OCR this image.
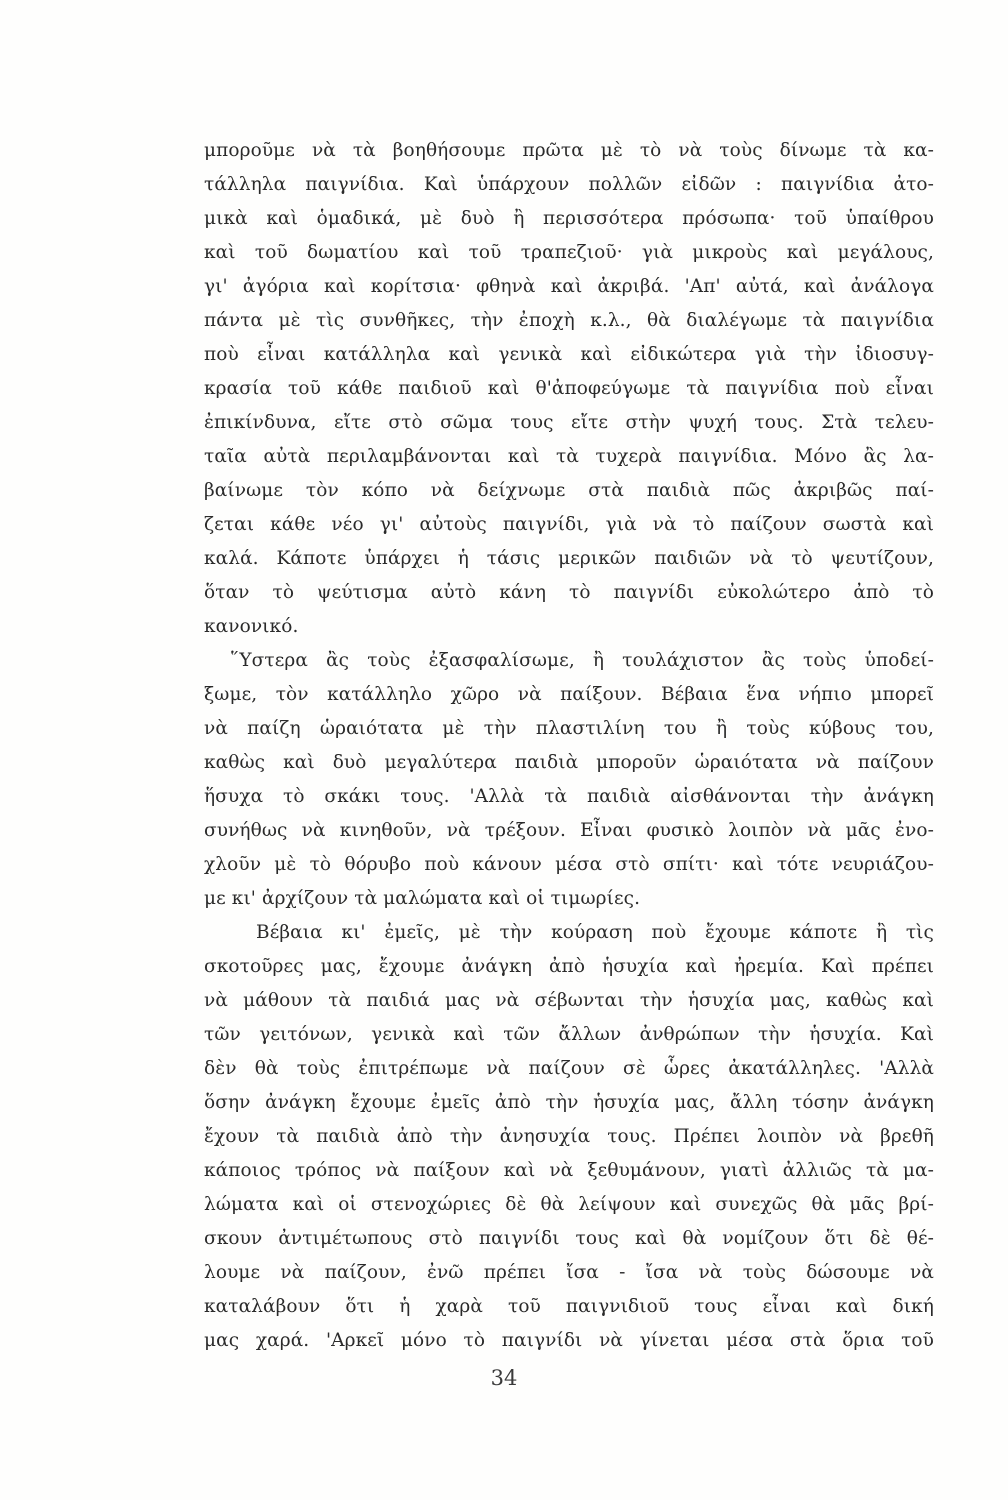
μποροῦμε νὰ τὰ βοηθήσουμε πρῶτα μὲ τὸ νὰ τοὺς δίνωμε τὰ κα-
τάλληλα παιγνίδια. Καὶ ὑπάρχουν πολλῶν εἰδῶν : παιγνίδια ἀτο-
μικὰ καὶ ὁμαδικά, μὲ δυὸ ἢ περισσότερα πρόσωπα· τοῦ ὑπαίθρου
καὶ τοῦ δωματίου καὶ τοῦ τραπεζιοῦ· γιὰ μικροὺς καὶ μεγάλους,
γι' ἀγόρια καὶ κορίτσια· φθηνὰ καὶ ἀκριβά. 'Απ' αὐτά, καὶ ἀνάλογα
πάντα μὲ τὶς συνθῆκες, τὴν ἐποχὴ κ.λ., θὰ διαλέγωμε τὰ παιγνίδια
ποὺ εἶναι κατάλληλα καὶ γενικὰ καὶ εἰδικώτερα γιὰ τὴν ἰδιοσυγ-
κρασία τοῦ κάθε παιδιοῦ καὶ θ'ἀποφεύγωμε τὰ παιγνίδια ποὺ εἶναι
ἐπικίνδυνα, εἴτε στὸ σῶμα τους εἴτε στὴν ψυχή τους. Στὰ τελευ-
ταῖα αὐτὰ περιλαμβάνονται καὶ τὰ τυχερὰ παιγνίδια. Μόνο ἂς λα-
βαίνωμε τὸν κόπο νὰ δείχνωμε στὰ παιδιὰ πῶς ἀκριβῶς παί-
ζεται κάθε νέο γι' αὐτοὺς παιγνίδι, γιὰ νὰ τὸ παίζουν σωστὰ καὶ
καλά. Κάποτε ὑπάρχει ἡ τάσις μερικῶν παιδιῶν νὰ τὸ ψευτίζουν,
ὅταν τὸ ψεύτισμα αὐτὸ κάνη τὸ παιγνίδι εὐκολώτερο ἀπὸ τὸ
κανονικό.
῞Υστερα ἂς τοὺς ἐξασφαλίσωμε, ἢ τουλάχιστον ἂς τοὺς ὑποδεί-
ξωμε, τὸν κατάλληλο χῶρο νὰ παίξουν. Βέβαια ἕνα νήπιο μπορεῖ
νὰ παίζη ὡραιότατα μὲ τὴν πλαστιλίνη του ἢ τοὺς κύβους του,
καθὼς καὶ δυὸ μεγαλύτερα παιδιὰ μποροῦν ὡραιότατα νὰ παίζουν
ἥσυχα τὸ σκάκι τους. 'Αλλὰ τὰ παιδιὰ αἰσθάνονται τὴν ἀνάγκη
συνήθως νὰ κινηθοῦν, νὰ τρέξουν. Εἶναι φυσικὸ λοιπὸν νὰ μᾶς ἐνο-
χλοῦν μὲ τὸ θόρυβο ποὺ κάνουν μέσα στὸ σπίτι· καὶ τότε νευριάζου-
με κι' ἀρχίζουν τὰ μαλώματα καὶ οἱ τιμωρίες.
Βέβαια κι' ἐμεῖς, μὲ τὴν κούραση ποὺ ἔχουμε κάποτε ἢ τὶς
σκοτοῦρες μας, ἔχουμε ἀνάγκη ἀπὸ ἡσυχία καὶ ἠρεμία. Καὶ πρέπει
νὰ μάθουν τὰ παιδιά μας νὰ σέβωνται τὴν ἡσυχία μας, καθὼς καὶ
τῶν γειτόνων, γενικὰ καὶ τῶν ἄλλων ἀνθρώπων τὴν ἡσυχία. Καὶ
δὲν θὰ τοὺς ἐπιτρέπωμε νὰ παίζουν σὲ ὧρες ἀκατάλληλες. 'Αλλὰ
ὅσην ἀνάγκη ἔχουμε ἐμεῖς ἀπὸ τὴν ἡσυχία μας, ἄλλη τόσην ἀνάγκη
ἔχουν τὰ παιδιὰ ἀπὸ τὴν ἀνησυχία τους. Πρέπει λοιπὸν νὰ βρεθῆ
κάποιος τρόπος νὰ παίξουν καὶ νὰ ξεθυμάνουν, γιατὶ ἀλλιῶς τὰ μα-
λώματα καὶ οἱ στενοχώριες δὲ θὰ λείψουν καὶ συνεχῶς θὰ μᾶς βρί-
σκουν ἀντιμέτωπους στὸ παιγνίδι τους καὶ θὰ νομίζουν ὅτι δὲ θέ-
λουμε νὰ παίζουν, ἐνῶ πρέπει ἴσα - ἴσα νὰ τοὺς δώσουμε νὰ
καταλάβουν ὅτι ἡ χαρὰ τοῦ παιγνιδιοῦ τους εἶναι καὶ δική
μας χαρά. 'Αρκεῖ μόνο τὸ παιγνίδι νὰ γίνεται μέσα στὰ ὅρια τοῦ
34
